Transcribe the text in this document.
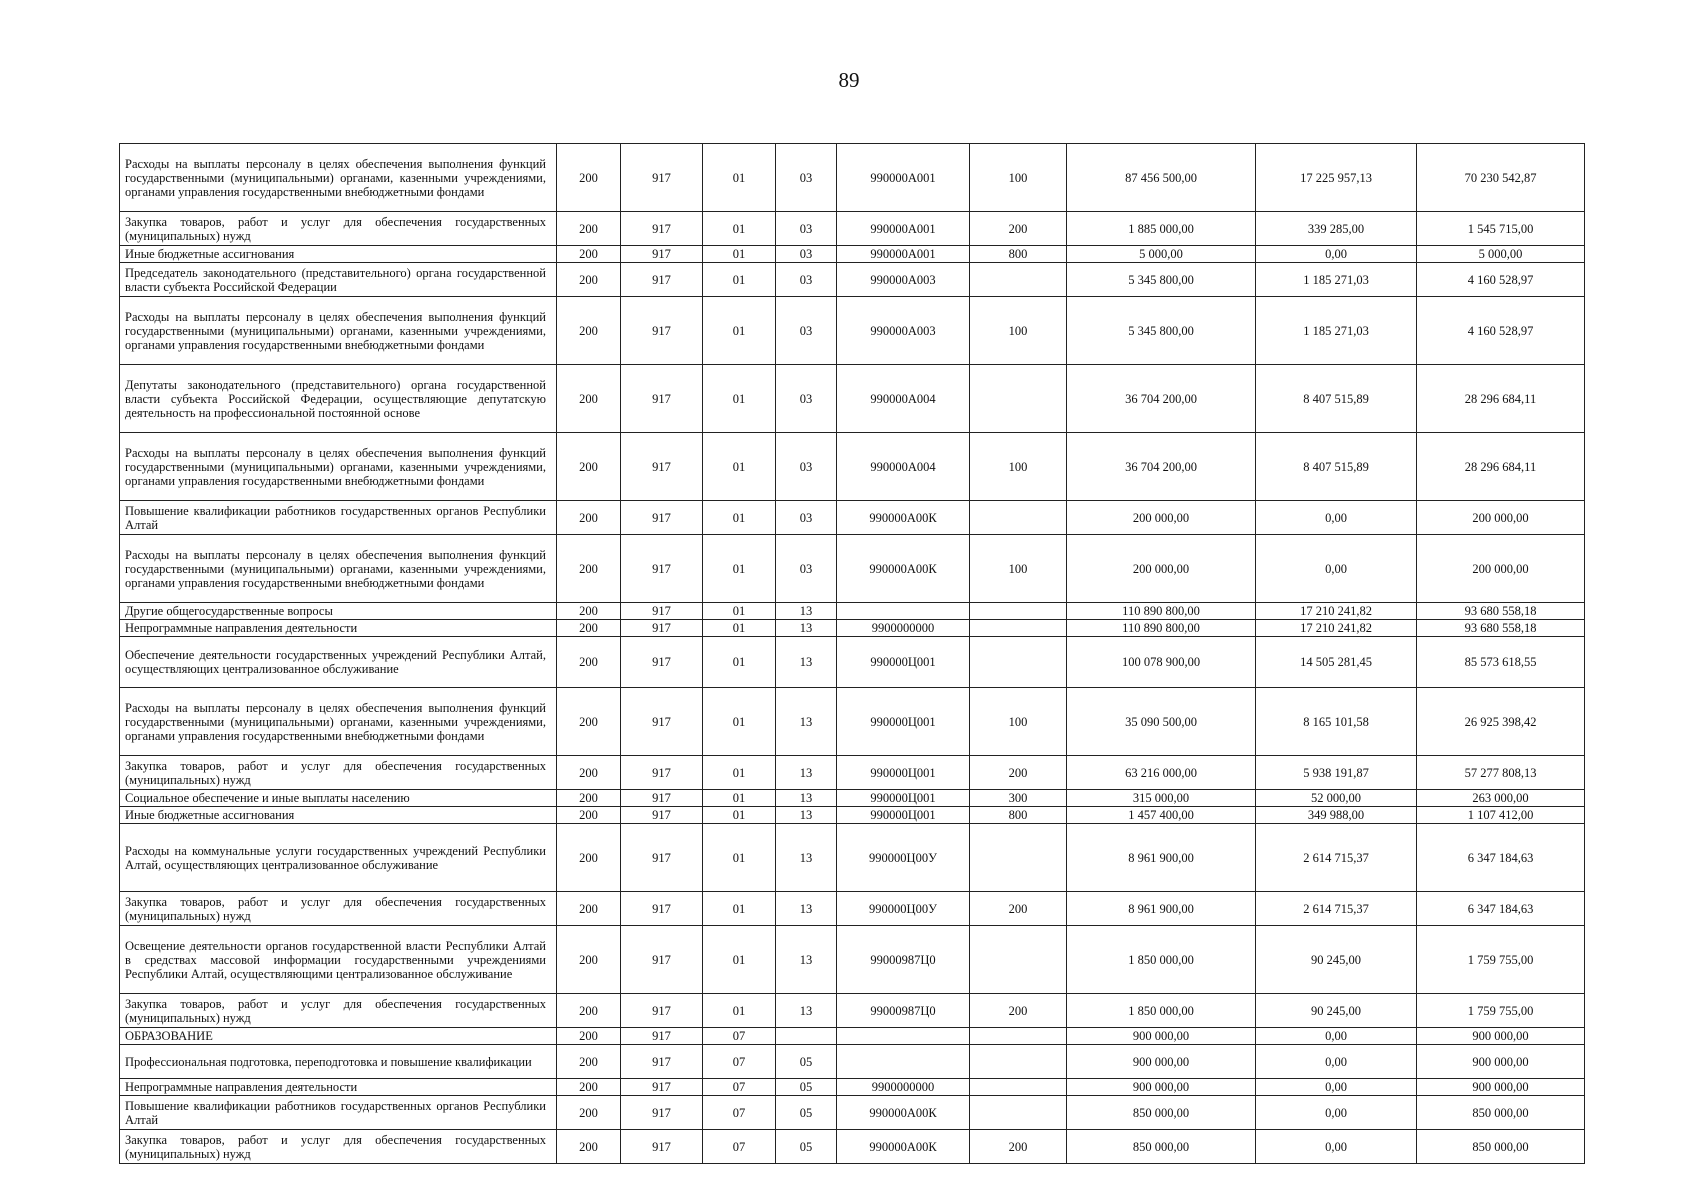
89
Расходы на выплаты персоналу в целях обеспечения выполнения функций государственными (муниципальными) органами, казенными учреждениями, органами управления государственными внебюджетными фондами	200	917	01	03	990000А001	100	87 456 500,00	17 225 957,13	70 230 542,87
Закупка товаров, работ и услуг для обеспечения государственных (муниципальных) нужд	200	917	01	03	990000А001	200	1 885 000,00	339 285,00	1 545 715,00
Иные бюджетные ассигнования	200	917	01	03	990000А001	800	5 000,00	0,00	5 000,00
Председатель законодательного (представительного) органа государственной власти субъекта Российской Федерации	200	917	01	03	990000А003		5 345 800,00	1 185 271,03	4 160 528,97
Расходы на выплаты персоналу в целях обеспечения выполнения функций государственными (муниципальными) органами, казенными учреждениями, органами управления государственными внебюджетными фондами	200	917	01	03	990000А003	100	5 345 800,00	1 185 271,03	4 160 528,97
Депутаты законодательного (представительного) органа государственной власти субъекта Российской Федерации, осуществляющие депутатскую деятельность на профессиональной постоянной основе	200	917	01	03	990000А004		36 704 200,00	8 407 515,89	28 296 684,11
Расходы на выплаты персоналу в целях обеспечения выполнения функций государственными (муниципальными) органами, казенными учреждениями, органами управления государственными внебюджетными фондами	200	917	01	03	990000А004	100	36 704 200,00	8 407 515,89	28 296 684,11
Повышение квалификации работников государственных органов Республики Алтай	200	917	01	03	990000А00К		200 000,00	0,00	200 000,00
Расходы на выплаты персоналу в целях обеспечения выполнения функций государственными (муниципальными) органами, казенными учреждениями, органами управления государственными внебюджетными фондами	200	917	01	03	990000А00К	100	200 000,00	0,00	200 000,00
Другие общегосударственные вопросы	200	917	01	13			110 890 800,00	17 210 241,82	93 680 558,18
Непрограммные направления деятельности	200	917	01	13	9900000000		110 890 800,00	17 210 241,82	93 680 558,18
Обеспечение деятельности государственных учреждений Республики Алтай, осуществляющих централизованное обслуживание	200	917	01	13	990000Ц001		100 078 900,00	14 505 281,45	85 573 618,55
Расходы на выплаты персоналу в целях обеспечения выполнения функций государственными (муниципальными) органами, казенными учреждениями, органами управления государственными внебюджетными фондами	200	917	01	13	990000Ц001	100	35 090 500,00	8 165 101,58	26 925 398,42
Закупка товаров, работ и услуг для обеспечения государственных (муниципальных) нужд	200	917	01	13	990000Ц001	200	63 216 000,00	5 938 191,87	57 277 808,13
Социальное обеспечение и иные выплаты населению	200	917	01	13	990000Ц001	300	315 000,00	52 000,00	263 000,00
Иные бюджетные ассигнования	200	917	01	13	990000Ц001	800	1 457 400,00	349 988,00	1 107 412,00
Расходы на коммунальные услуги государственных учреждений Республики Алтай, осуществляющих централизованное обслуживание	200	917	01	13	990000Ц00У		8 961 900,00	2 614 715,37	6 347 184,63
Закупка товаров, работ и услуг для обеспечения государственных (муниципальных) нужд	200	917	01	13	990000Ц00У	200	8 961 900,00	2 614 715,37	6 347 184,63
Освещение деятельности органов государственной власти Республики Алтай в средствах массовой информации государственными учреждениями Республики Алтай, осуществляющими централизованное обслуживание	200	917	01	13	99000987Ц0		1 850 000,00	90 245,00	1 759 755,00
Закупка товаров, работ и услуг для обеспечения государственных (муниципальных) нужд	200	917	01	13	99000987Ц0	200	1 850 000,00	90 245,00	1 759 755,00
ОБРАЗОВАНИЕ	200	917	07				900 000,00	0,00	900 000,00
Профессиональная подготовка, переподготовка и повышение квалификации	200	917	07	05			900 000,00	0,00	900 000,00
Непрограммные направления деятельности	200	917	07	05	9900000000		900 000,00	0,00	900 000,00
Повышение квалификации работников государственных органов Республики Алтай	200	917	07	05	990000А00К		850 000,00	0,00	850 000,00
Закупка товаров, работ и услуг для обеспечения государственных (муниципальных) нужд	200	917	07	05	990000А00К	200	850 000,00	0,00	850 000,00
